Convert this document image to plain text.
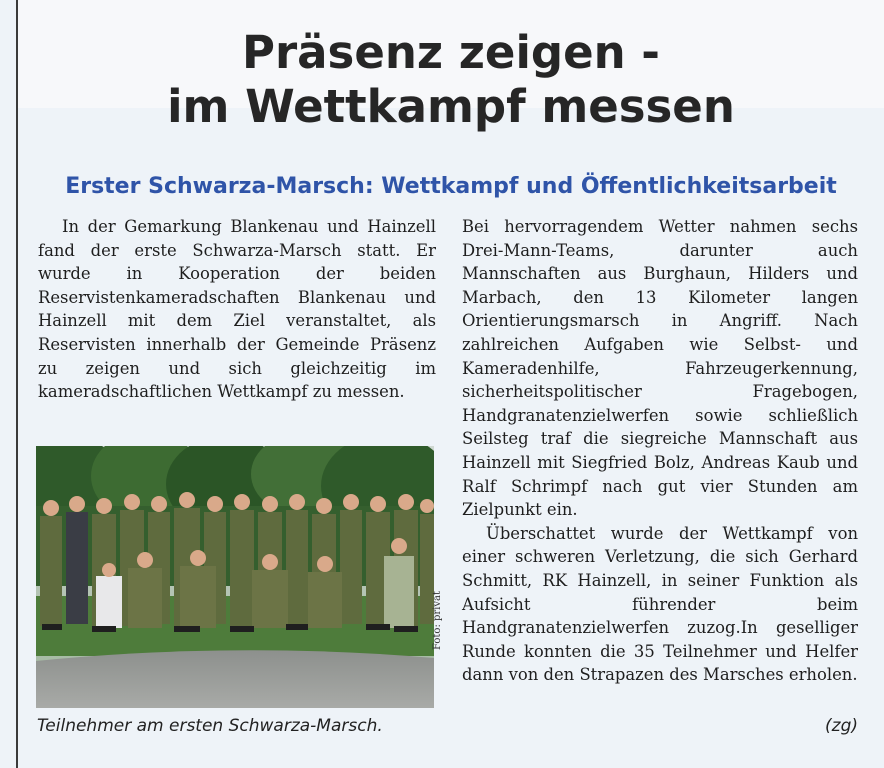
Präsenz zeigen -
im Wettkampf messen
Erster Schwarza-Marsch: Wettkampf und Öffentlichkeitsarbeit

In der Gemarkung Blankenau und Hainzell fand der erste Schwarza-Marsch statt. Er wurde in Kooperation der beiden Reservistenkameradschaften Blankenau und Hainzell mit dem Ziel veranstaltet, als Reservisten innerhalb der Gemeinde Präsenz zu zeigen und sich gleichzeitig im kameradschaftlichen Wettkampf zu messen.

Foto: privat

Bei hervorragendem Wetter nahmen sechs Drei-Mann-Teams, darunter auch Mannschaften aus Burghaun, Hilders und Marbach, den 13 Kilometer langen Orientierungsmarsch in Angriff. Nach zahlreichen Aufgaben wie Selbst- und Kameradenhilfe, Fahrzeugerkennung, sicherheitspolitischer Fragebogen, Handgranatenzielwerfen sowie schließlich Seilsteg traf die siegreiche Mannschaft aus Hainzell mit Siegfried Bolz, Andreas Kaub und Ralf Schrimpf nach gut vier Stunden am Zielpunkt ein.

Überschattet wurde der Wettkampf von einer schweren Verletzung, die sich Gerhard Schmitt, RK Hainzell, in seiner Funktion als Aufsicht führender beim Handgranatenzielwerfen zuzog.In geselliger Runde konnten die 35 Teilnehmer und Helfer dann von den Strapazen des Marsches erholen.

Teilnehmer am ersten Schwarza-Marsch.	(zg)
